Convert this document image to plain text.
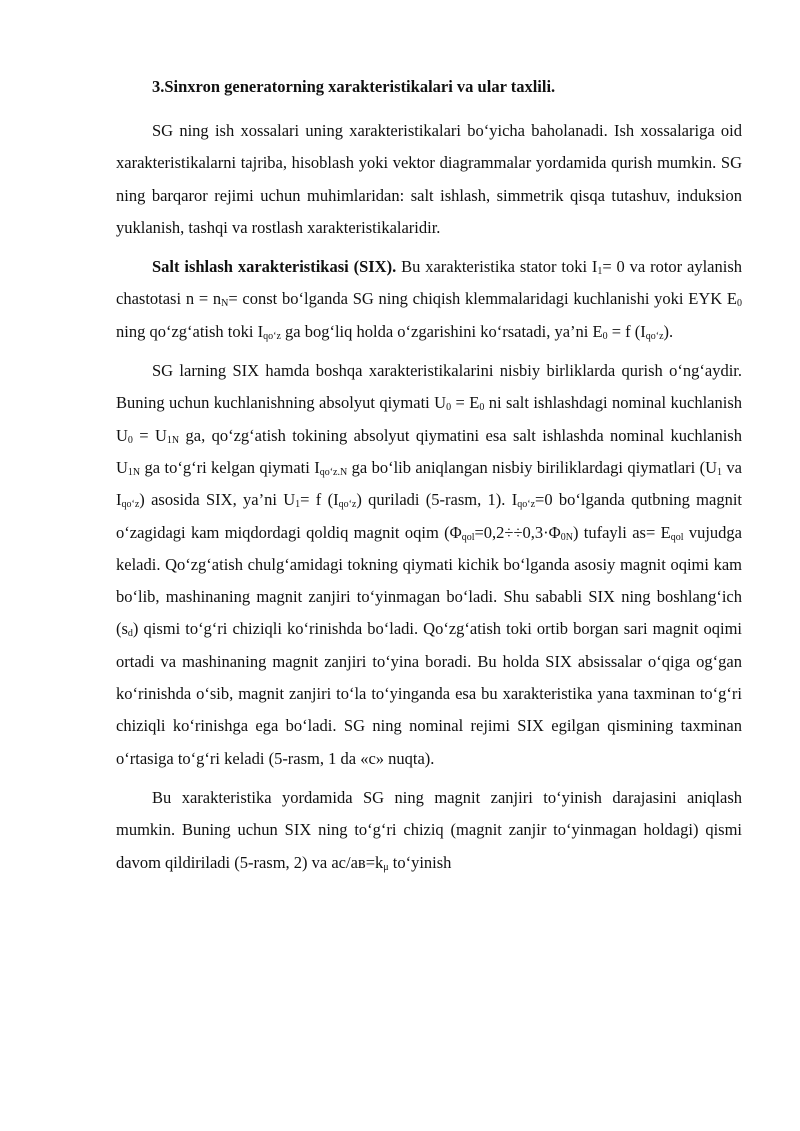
3.Sinxron generatorning xarakteristikalari va ular taxlili.

SG ning ish xossalari uning xarakteristikalari bo‘yicha baholanadi. Ish xossalariga oid xarakteristikalarni tajriba, hisoblash yoki vektor diagrammalar yordamida qurish mumkin. SG ning barqaror rejimi uchun muhimlaridan: salt ishlash, simmetrik qisqa tutashuv, induksion yuklanish, tashqi va rostlash xarakteristikalaridir.

Salt ishlash xarakteristikasi (SIX). Bu xarakteristika stator toki $I_1= 0$ va rotor aylanish chastotasi $n = n_N=$ const bo‘lganda SG ning chiqish klemmalaridagi kuchlanishi yoki EYK $E_0$ ning qo‘zg‘atish toki $I_{qo‘z}$ ga bog‘liq holda o‘zgarishini ko‘rsatadi, ya’ni $E_0 = f$ $(I_{qo‘z})$.

SG larning SIX hamda boshqa xarakteristikalarini nisbiy birliklarda qurish o‘ng‘aydir. Buning uchun kuchlanishning absolyut qiymati $U_0 = E_0$ ni salt ishlashdagi nominal kuchlanish $U_0 = U_{1N}$ ga, qo‘zg‘atish tokining absolyut qiymatini esa salt ishlashda nominal kuchlanish $U_{1N}$ ga to‘g‘ri kelgan qiymati $I_{qo‘z.N}$ ga bo‘lib aniqlangan nisbiy biriliklardagi qiymatlari ($U_1$ va $I_{qo‘z}$) asosida SIX, ya’ni $U_1= f$ $(I_{qo‘z})$ quriladi (5-rasm, 1). $I_{qo‘z}=0$ bo‘lganda qutbning magnit o‘zagidagi kam miqdordagi qoldiq magnit oqim $(\Phi_{qol}=0,2\div\div 0,3\cdot\Phi_{0N})$ tufayli $as= E_{qol}$ vujudga keladi. Qo‘zg‘atish chulg‘amidagi tokning qiymati kichik bo‘lganda asosiy magnit oqimi kam bo‘lib, mashinaning magnit zanjiri to‘yinmagan bo‘ladi. Shu sababli SIX ning boshlang‘ich $(s_d)$ qismi to‘g‘ri chiziqli ko‘rinishda bo‘ladi. Qo‘zg‘atish toki ortib borgan sari magnit oqimi ortadi va mashinaning magnit zanjiri to‘yina boradi. Bu holda SIX absissalar o‘qiga og‘gan ko‘rinishda o‘sib, magnit zanjiri to‘la to‘yinganda esa bu xarakteristika yana taxminan to‘g‘ri chiziqli ko‘rinishga ega bo‘ladi. SG ning nominal rejimi SIX egilgan qismining taxminan o‘rtasiga to‘g‘ri keladi (5-rasm, 1 da «c» nuqta).

Bu xarakteristika yordamida SG ning magnit zanjiri to‘yinish darajasini aniqlash mumkin. Buning uchun SIX ning to‘g‘ri chiziq (magnit zanjir to‘yinmagan holdagi) qismi davom qildiriladi (5-rasm, 2) va $ac/aв=k_\mu$ to‘yinish
